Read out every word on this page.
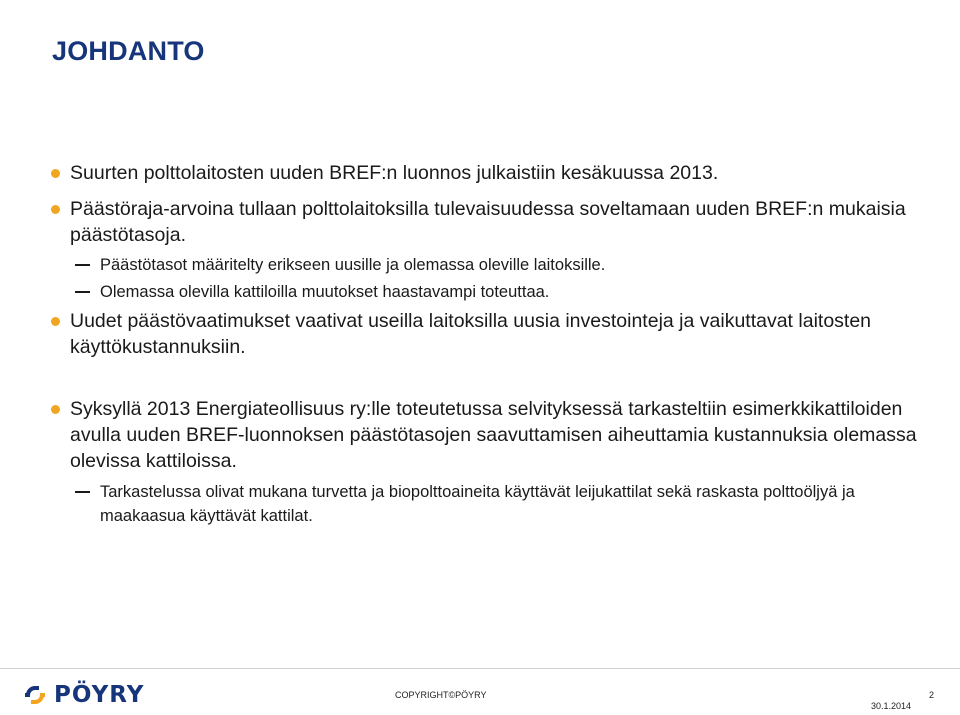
JOHDANTO
Suurten polttolaitosten uuden BREF:n luonnos julkaistiin kesäkuussa 2013.
Päästöraja-arvoina tullaan polttolaitoksilla tulevaisuudessa soveltamaan uuden BREF:n mukaisia päästötasoja.
Päästötasot määritelty erikseen uusille ja olemassa oleville laitoksille.
Olemassa olevilla kattiloilla muutokset haastavampi toteuttaa.
Uudet päästövaatimukset vaativat useilla laitoksilla uusia investointeja ja vaikuttavat laitosten käyttökustannuksiin.
Syksyllä 2013 Energiateollisuus ry:lle toteutetussa selvityksessä tarkasteltiin esimerkkikattiloiden avulla uuden BREF-luonnoksen päästötasojen saavuttamisen aiheuttamia kustannuksia olemassa olevissa kattiloissa.
Tarkastelussa olivat mukana turvetta ja biopolttoaineita käyttävät leijukattilat sekä raskasta polttoöljyä ja maakaasua käyttävät kattilat.
PÖYRY	COPYRIGHT©PÖYRY	2
30.1.2014
